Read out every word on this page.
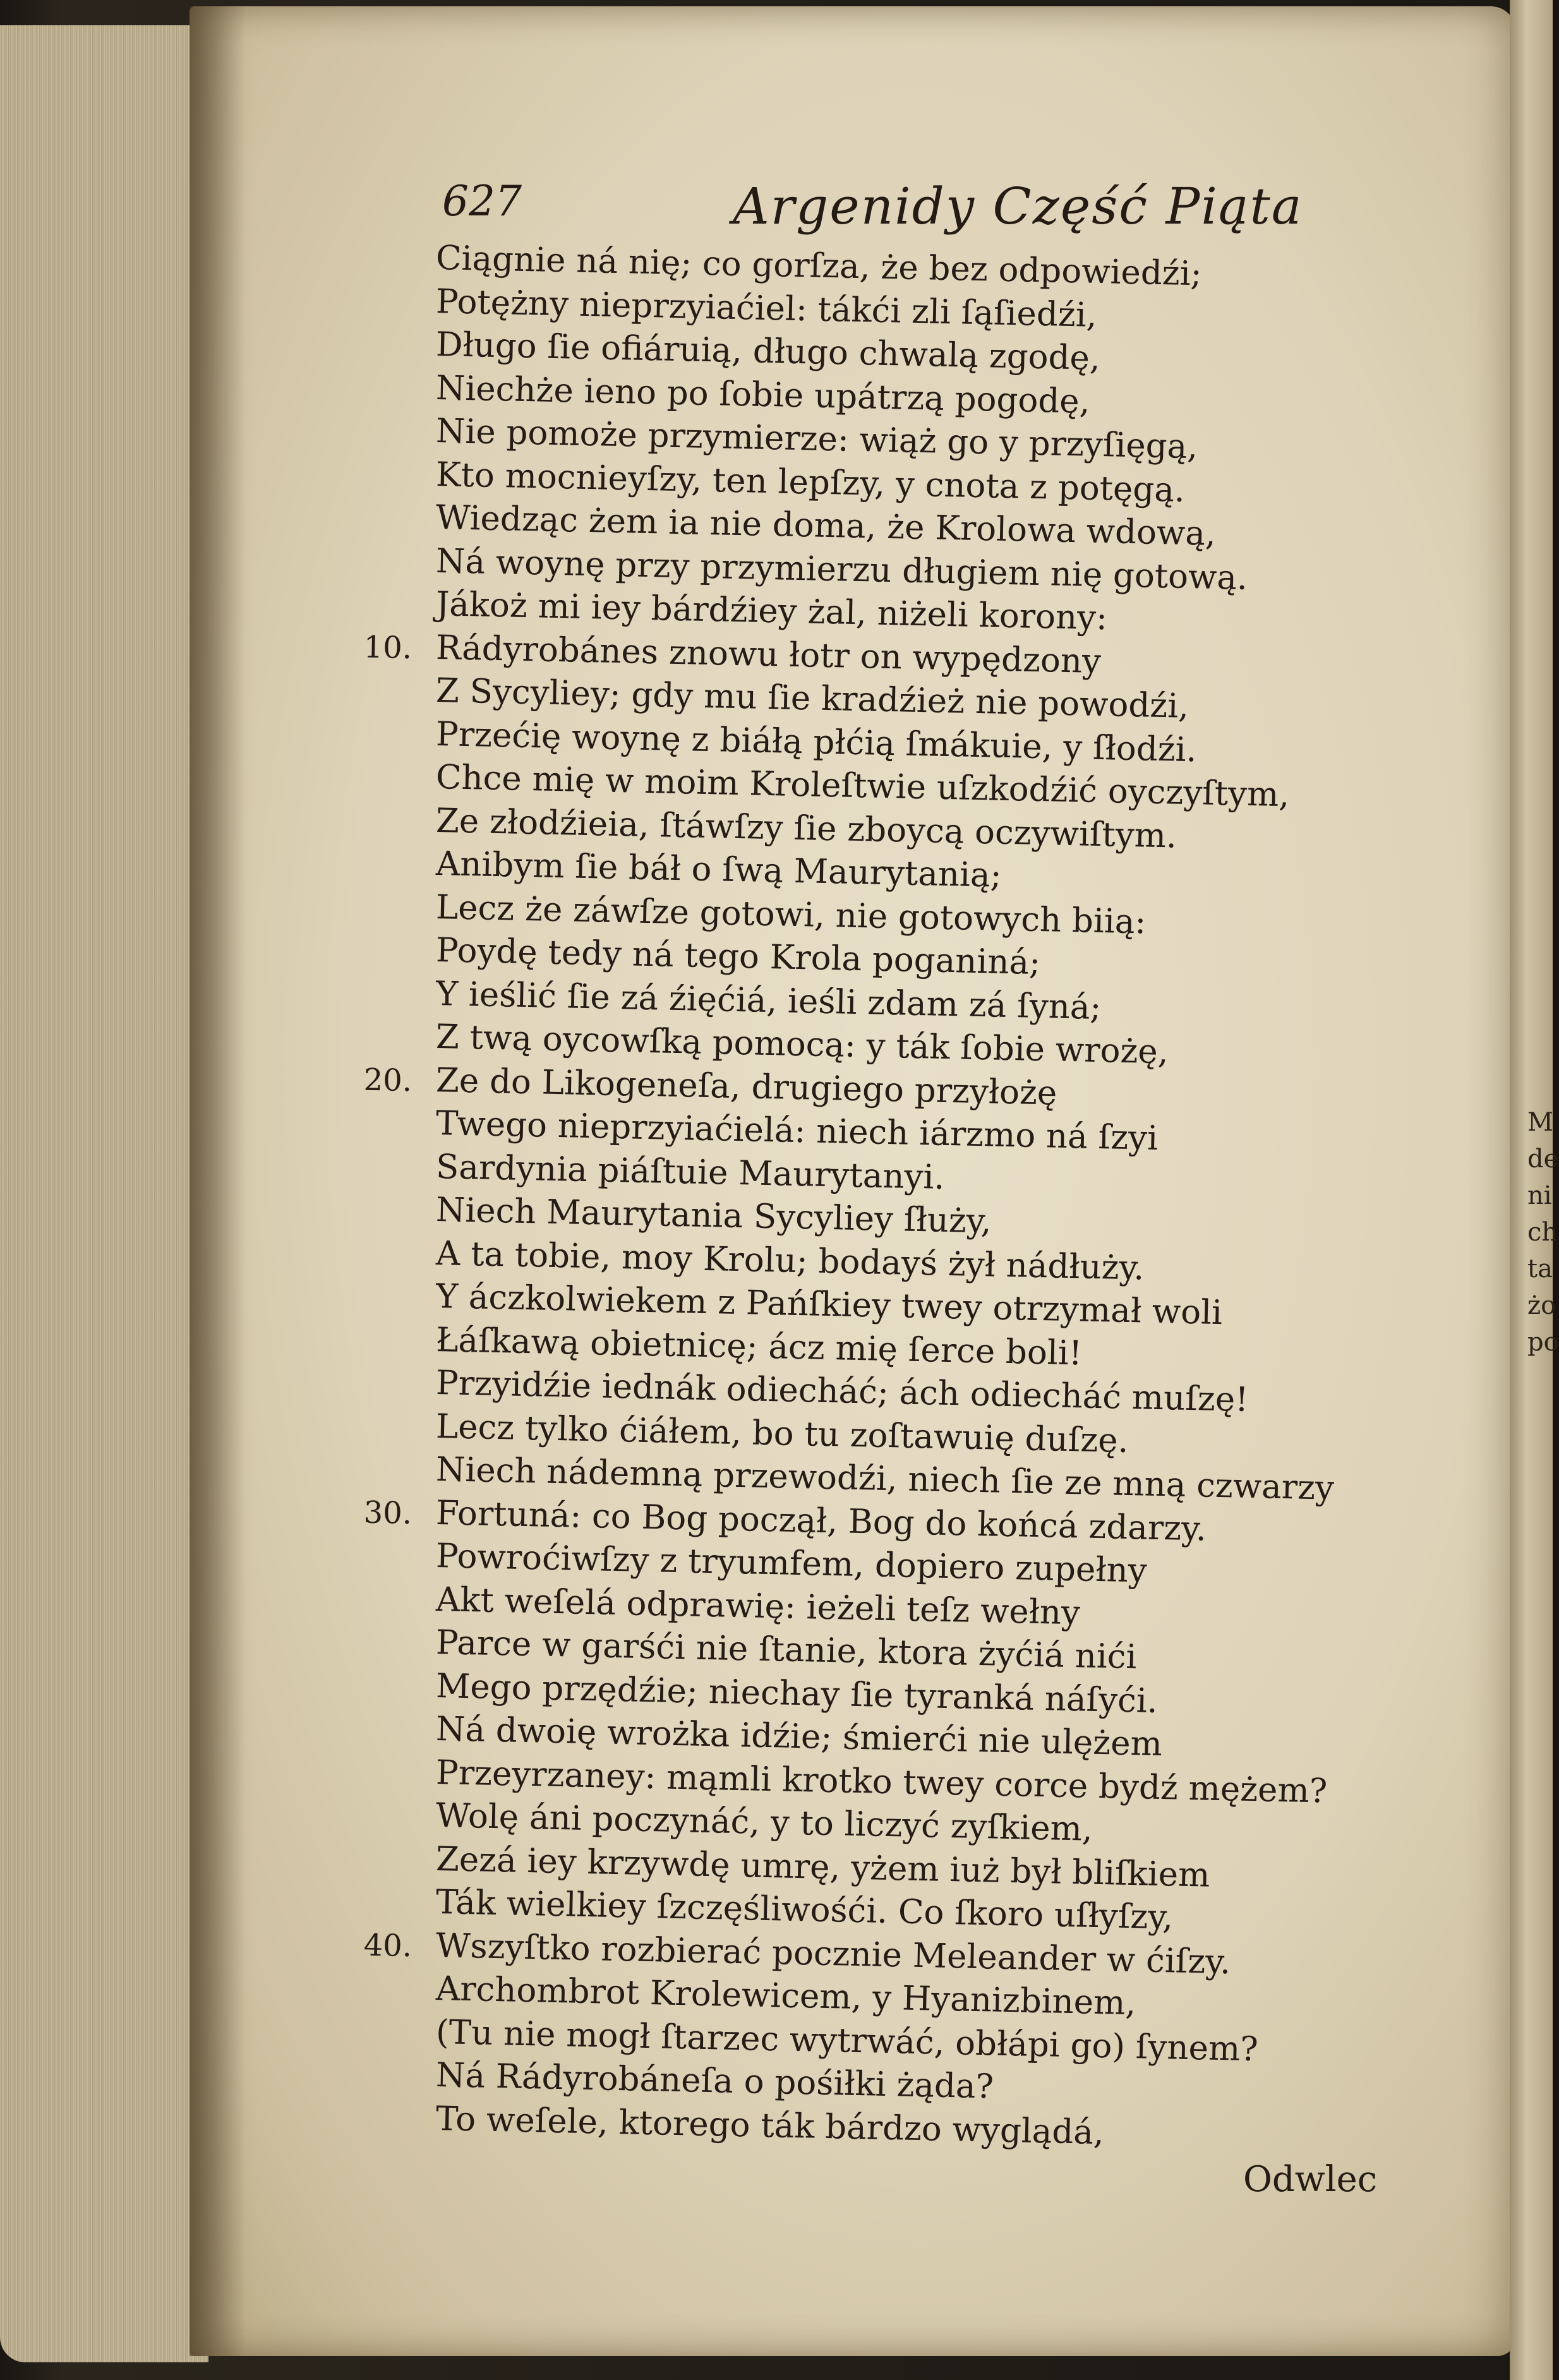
M
de
ni
ch
ta
żo
po
627	Argenidy Część Piąta
Ciągnie ná nię; co gorſza, że bez odpowiedźi;
Potężny nieprzyiaćiel: tákći zli ſąſiedźi,
Długo ſie ofiáruią, długo chwalą zgodę,
Niechże ieno po ſobie upátrzą pogodę,
Nie pomoże przymierze: wiąż go y przyſięgą,
Kto mocnieyſzy, ten lepſzy, y cnota z potęgą.
Wiedząc żem ia nie doma, że Krolowa wdową,
Ná woynę przy przymierzu długiem nię gotową.
Jákoż mi iey bárdźiey żal, niżeli korony:
10. Rádyrobánes znowu łotr on wypędzony
Z Sycyliey; gdy mu ſie kradźież nie powodźi,
Przećię woynę z biáłą płćią ſmákuie, y ſłodźi.
Chce mię w moim Kroleſtwie uſzkodźić oyczyſtym,
Ze złodźieia, ſtáwſzy ſie zboycą oczywiſtym.
Anibym ſie báł o ſwą Maurytanią;
Lecz że záwſze gotowi, nie gotowych biią:
Poydę tedy ná tego Krola poganiná;
Y ieślić ſie zá źięćiá, ieśli zdam zá ſyná;
Z twą oycowſką pomocą: y ták ſobie wrożę,
20. Ze do Likogeneſa, drugiego przyłożę
Twego nieprzyiaćielá: niech iárzmo ná ſzyi
Sardynia piáſtuie Maurytanyi.
Niech Maurytania Sycyliey ſłuży,
A ta tobie, moy Krolu; bodayś żył nádłuży.
Y áczkolwiekem z Pańſkiey twey otrzymał woli
Łáſkawą obietnicę; ácz mię ſerce boli!
Przyidźie iednák odiecháć; ách odiecháć muſzę!
Lecz tylko ćiáłem, bo tu zoſtawuię duſzę.
Niech nádemną przewodźi, niech ſie ze mną czwarzy
30. Fortuná: co Bog począł, Bog do końcá zdarzy.
Powroćiwſzy z tryumfem, dopiero zupełny
Akt weſelá odprawię: ieżeli teſz wełny
Parce w garśći nie ſtanie, ktora żyćiá nići
Mego przędźie; niechay ſie tyranká náſyći.
Ná dwoię wrożka idźie; śmierći nie ulężem
Przeyrzaney: mąmli krotko twey corce bydź mężem?
Wolę áni poczynáć, y to liczyć zyſkiem,
Zezá iey krzywdę umrę, yżem iuż był bliſkiem
Ták wielkiey ſzczęśliwośći. Co ſkoro uſłyſzy,
40. Wszyſtko rozbierać pocznie Meleander w ćiſzy.
Archombrot Krolewicem, y Hyanizbinem,
(Tu nie mogł ſtarzec wytrwáć, obłápi go) ſynem?
Ná Rádyrobáneſa o pośiłki żąda?
To weſele, ktorego ták bárdzo wyglądá,
Odwlec
